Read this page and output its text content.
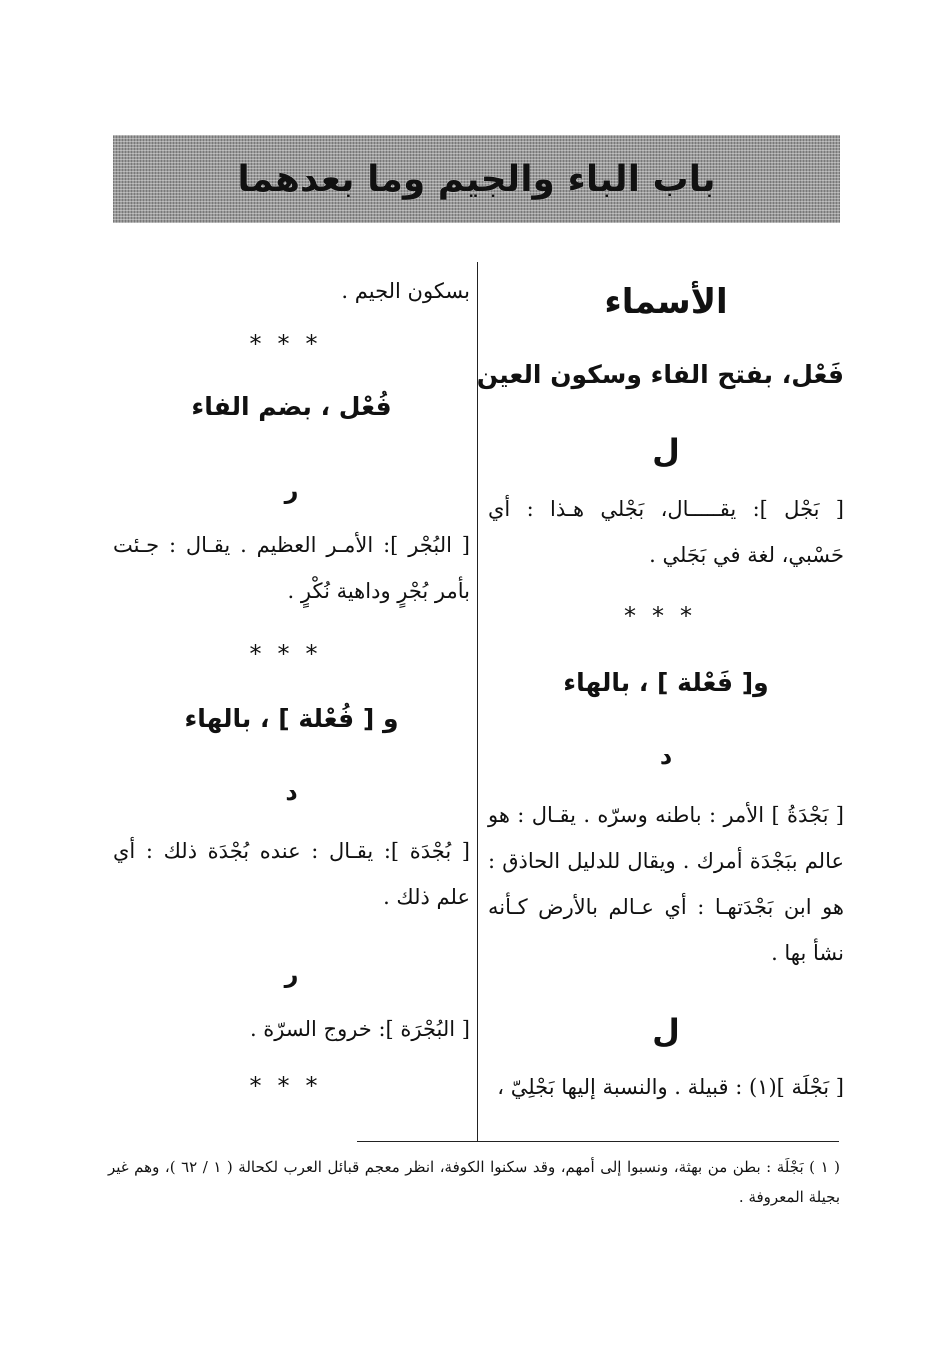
باب الباء والجيم وما بعدهما
الأسماء
فَعْل، بفتح الفاء وسكون العين
ل
[ بَجْل ]: يقـــــال، بَجْلي هـذا : أي حَسْبي، لغة في بَجَلي .
***
و[ فَعْلة ] ، بالهاء
د
[ بَجْدَةُ ] الأمر : باطنه وسرّه . يقـال : هو عالم ببَجْدَة أمرك . ويقال للدليل الحاذق : هو ابن بَجْدَتهـا : أي عـالم بالأرض كـأنه نشأ بها .
ل
[ بَجْلَة ](١) : قبيلة . والنسبة إليها بَجْلِيّ ،
بسكون الجيم .
***
فُعْل ، بضم الفاء
ر
[ البُجْر ]: الأمـر العظيم . يقـال : جـئت بأمر بُجْرٍ وداهية نُكْرٍ .
***
و [ فُعْلة ] ، بالهاء
د
[ بُجْدَة ]: يقـال : عنده بُجْدَة ذلك : أي علم ذلك .
ر
[ البُجْرَة ]: خروج السرّة .
***
( ١ ) بَجْلَة : بطن من بهثة، ونسبوا إلى أمهم، وقد سكنوا الكوفة، انظر معجم قبائل العرب لكحالة ( ١ / ٦٢ )، وهم غير بجيلة المعروفة .
